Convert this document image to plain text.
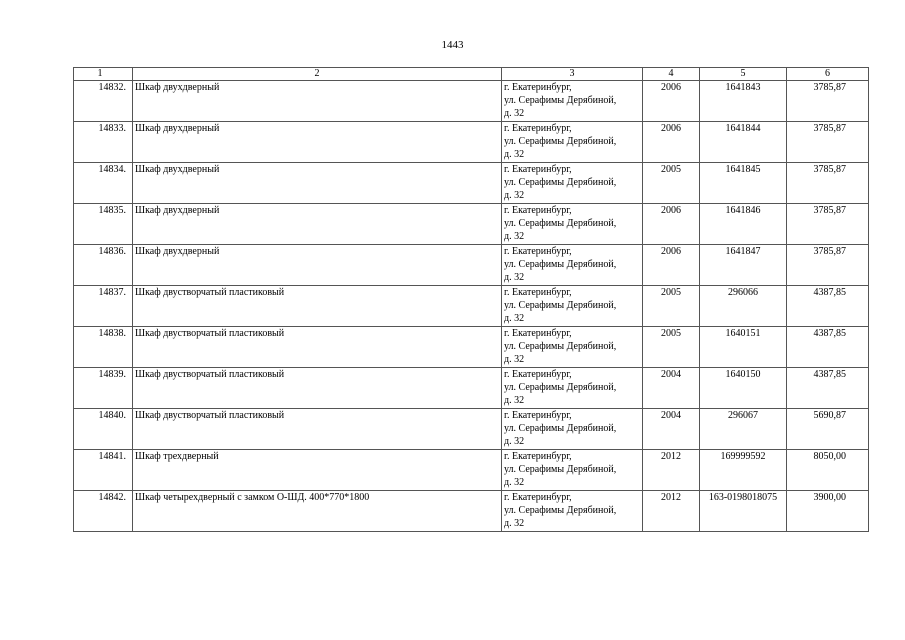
1443
1	2	3	4	5	6
14832.	Шкаф двухдверный	г. Екатеринбург,
ул. Серафимы Дерябиной,
д. 32	2006	1641843	3785,87
14833.	Шкаф двухдверный	г. Екатеринбург,
ул. Серафимы Дерябиной,
д. 32	2006	1641844	3785,87
14834.	Шкаф двухдверный	г. Екатеринбург,
ул. Серафимы Дерябиной,
д. 32	2005	1641845	3785,87
14835.	Шкаф двухдверный	г. Екатеринбург,
ул. Серафимы Дерябиной,
д. 32	2006	1641846	3785,87
14836.	Шкаф двухдверный	г. Екатеринбург,
ул. Серафимы Дерябиной,
д. 32	2006	1641847	3785,87
14837.	Шкаф двустворчатый пластиковый	г. Екатеринбург,
ул. Серафимы Дерябиной,
д. 32	2005	296066	4387,85
14838.	Шкаф двустворчатый пластиковый	г. Екатеринбург,
ул. Серафимы Дерябиной,
д. 32	2005	1640151	4387,85
14839.	Шкаф двустворчатый пластиковый	г. Екатеринбург,
ул. Серафимы Дерябиной,
д. 32	2004	1640150	4387,85
14840.	Шкаф двустворчатый пластиковый	г. Екатеринбург,
ул. Серафимы Дерябиной,
д. 32	2004	296067	5690,87
14841.	Шкаф трехдверный	г. Екатеринбург,
ул. Серафимы Дерябиной,
д. 32	2012	169999592	8050,00
14842.	Шкаф четырехдверный с замком О-ШД. 400*770*1800	г. Екатеринбург,
ул. Серафимы Дерябиной,
д. 32	2012	163-0198018075	3900,00
